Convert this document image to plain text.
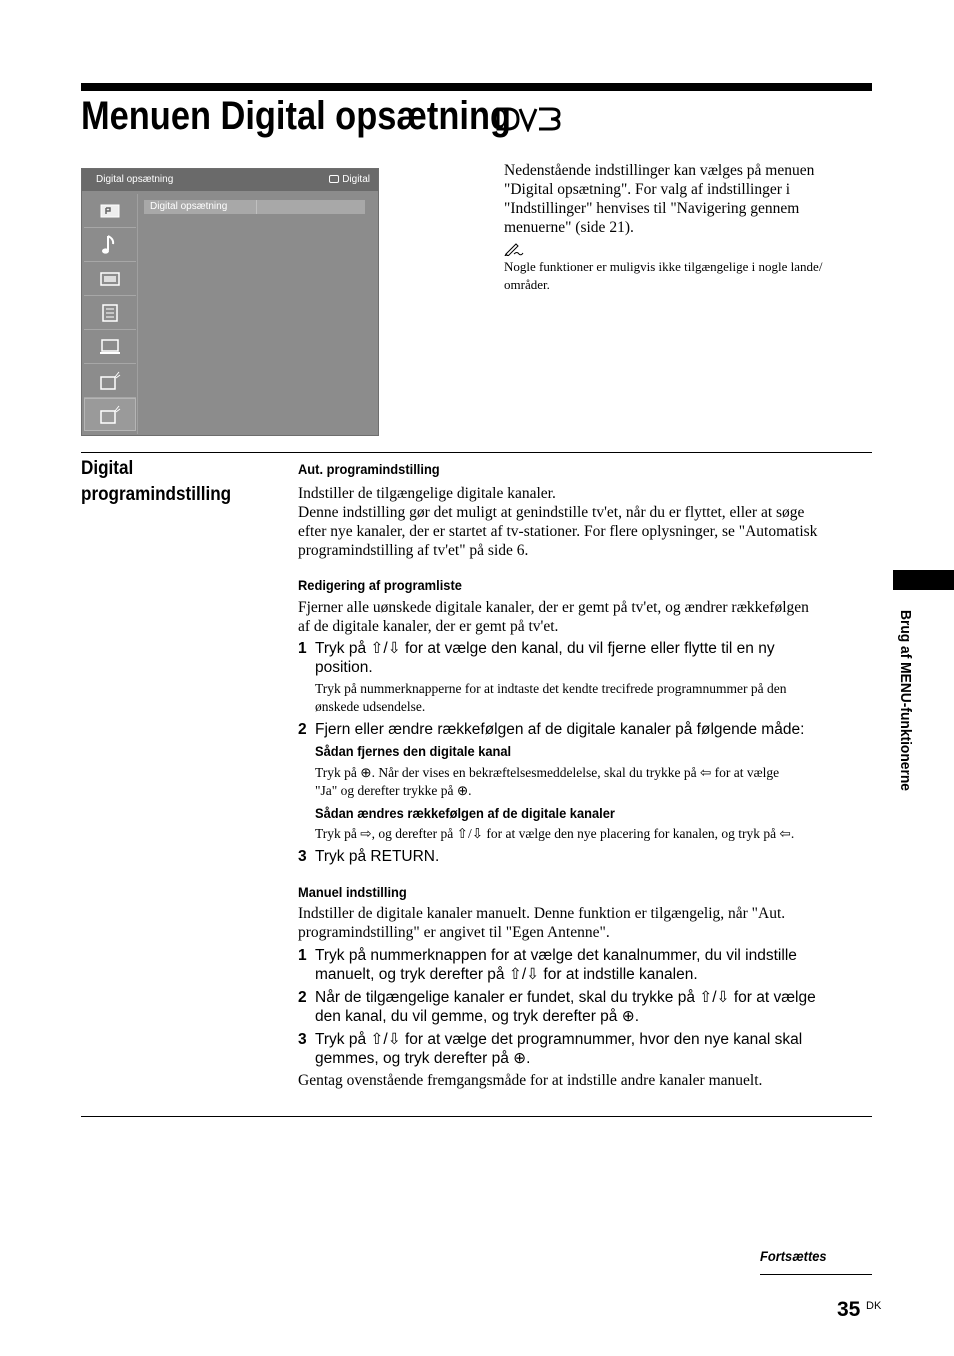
Menuen Digital opsætning
Digital opsætning	Digital
Digital opsætning
Nedenstående indstillinger kan vælges på menuen
"Digital opsætning". For valg af indstillinger i
"Indstillinger" henvises til "Navigering gennem
menuerne" (side 21).
Nogle funktioner er muligvis ikke tilgængelige i nogle lande/
områder.
Digital
programindstilling
Aut. programindstilling
Indstiller de tilgængelige digitale kanaler.
Denne indstilling gør det muligt at genindstille tv'et, når du er flyttet, eller at søge
efter nye kanaler, der er startet af tv-stationer. For flere oplysninger, se "Automatisk
programindstilling af tv'et" på side 6.
Redigering af programliste
Fjerner alle uønskede digitale kanaler, der er gemt på tv'et, og ændrer rækkefølgen
af de digitale kanaler, der er gemt på tv'et.
1 Tryk på ⇧/⇩ for at vælge den kanal, du vil fjerne eller flytte til en ny
position.
Tryk på nummerknapperne for at indtaste det kendte trecifrede programnummer på den
ønskede udsendelse.
2 Fjern eller ændre rækkefølgen af de digitale kanaler på følgende måde:
Sådan fjernes den digitale kanal
Tryk på ⊕. Når der vises en bekræftelsesmeddelelse, skal du trykke på ⇦ for at vælge
"Ja" og derefter trykke på ⊕.
Sådan ændres rækkefølgen af de digitale kanaler
Tryk på ⇨, og derefter på ⇧/⇩ for at vælge den nye placering for kanalen, og tryk på ⇦.
3 Tryk på RETURN.
Manuel indstilling
Indstiller de digitale kanaler manuelt. Denne funktion er tilgængelig, når "Aut.
programindstilling" er angivet til "Egen Antenne".
1 Tryk på nummerknappen for at vælge det kanalnummer, du vil indstille
manuelt, og tryk derefter på ⇧/⇩ for at indstille kanalen.
2 Når de tilgængelige kanaler er fundet, skal du trykke på ⇧/⇩ for at vælge
den kanal, du vil gemme, og tryk derefter på ⊕.
3 Tryk på ⇧/⇩ for at vælge det programnummer, hvor den nye kanal skal
gemmes, og tryk derefter på ⊕.
Gentag ovenstående fremgangsmåde for at indstille andre kanaler manuelt.
Brug af MENU-funktionerne
Fortsættes
35 DK
